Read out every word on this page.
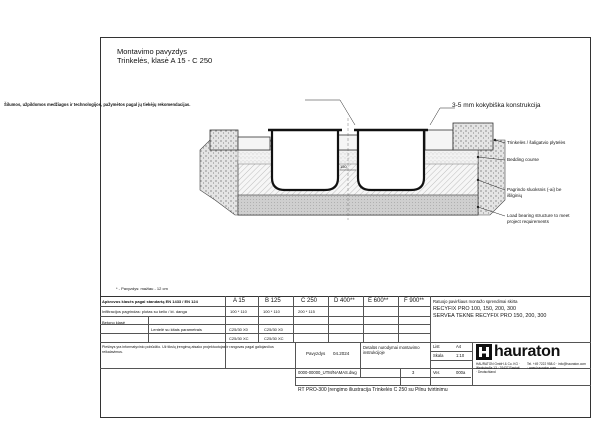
Montavimo pavyzdys
Trinkelės, klasė A 15 - C 250
Šilumos, užpildomos medžiagos ir technologijos, pažymėtos pagal jų tiekėjų rekomendacijas.	3-5 mm kokybiška konstrukcija
Trinkelės / šaligatvio plytelės
Bedding course
Pagrindo sluoksnis (-ai) be išilginių
Load bearing structure to meet project requirements
* - Pavyzdys: mažiau - 12 cm
150
Apkrovos klasės pagal standartą EN 1433 / EN 124	A 15	B 125	C 250	D 400** E 600**	F 900**
Infiltracijos pagrindas: plotas su kelio / kt. danga	100 * 110	100 * 110	200 * 115
Betono klasė
Lentelė su kitais parametrais	C25/30 X0	C25/30 X0
C25/30 XC	C25/30 XC
Piešinys yra informatyvinio pobūdžio. Už tikslų įrengimą atsako projektuotojas ir rangovas pagal galiojančius reikalavimus.	Pavyzdys 04.2024
Detalūs nurodymai montavimo instrukcijoje
0000-00000_UTM/NAMAS.dwg	3
Ratuojo paviršiaus montažo sprendimai skirta
RECYFIX PRO 100, 150, 200, 300
SERVEA TEKNE RECYFIX PRO 150, 200, 300
List	A4
Skala	1:10
Ver.	000a
hauraton
HAURATON GmbH & Co. KG · Werkstraße 13 · 76437 Rastatt · Deutschland
Tel. +49 7222 958-0 · info@hauraton.com · www.hauraton.com
RT PRO-300 Įrengimo iliustracija Trinkelės C 250 su Pilnu tvirtinimu
